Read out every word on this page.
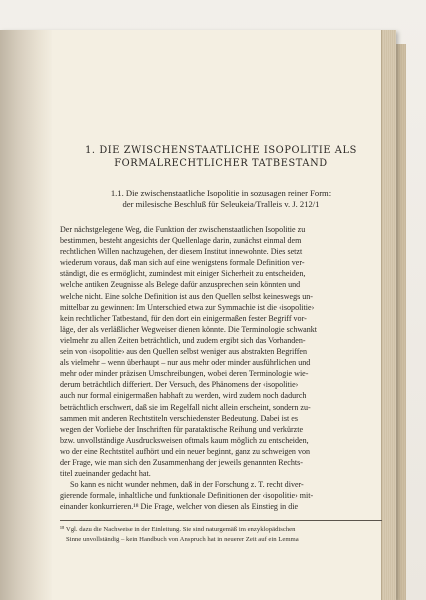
1. DIE ZWISCHENSTAATLICHE ISOPOLITIE ALS
FORMALRECHTLICHER TATBESTAND
1.1. Die zwischenstaatliche Isopolitie in sozusagen reiner Form:
der milesische Beschluß für Seleukeia/Tralleis v. J. 212/1

Der nächstgelegene Weg, die Funktion der zwischenstaatlichen Isopolitie zu
bestimmen, besteht angesichts der Quellenlage darin, zunächst einmal dem
rechtlichen Willen nachzugehen, der diesem Institut innewohnte. Dies setzt
wiederum voraus, daß man sich auf eine wenigstens formale Definition ver-
ständigt, die es ermöglicht, zumindest mit einiger Sicherheit zu entscheiden,
welche antiken Zeugnisse als Belege dafür anzusprechen sein könnten und
welche nicht. Eine solche Definition ist aus den Quellen selbst keineswegs un-
mittelbar zu gewinnen: Im Unterschied etwa zur Symmachie ist die ‹isopolitie›
kein rechtlicher Tatbestand, für den dort ein einigermaßen fester Begriff vor-
läge, der als verläßlicher Wegweiser dienen könnte. Die Terminologie schwankt
vielmehr zu allen Zeiten beträchtlich, und zudem ergibt sich das Vorhanden-
sein von ‹isopolitie› aus den Quellen selbst weniger aus abstrakten Begriffen
als vielmehr – wenn überhaupt – nur aus mehr oder minder ausführlichen und
mehr oder minder präzisen Umschreibungen, wobei deren Terminologie wie-
derum beträchtlich differiert. Der Versuch, des Phänomens der ‹isopolitie›
auch nur formal einigermaßen habhaft zu werden, wird zudem noch dadurch
beträchtlich erschwert, daß sie im Regelfall nicht allein erscheint, sondern zu-
sammen mit anderen Rechtstiteln verschiedenster Bedeutung. Dabei ist es
wegen der Vorliebe der Inschriften für parataktische Reihung und verkürzte
bzw. unvollständige Ausdrucksweisen oftmals kaum möglich zu entscheiden,
wo der eine Rechtstitel aufhört und ein neuer beginnt, ganz zu schweigen von
der Frage, wie man sich den Zusammenhang der jeweils genannten Rechts-
titel zueinander gedacht hat.

So kann es nicht wunder nehmen, daß in der Forschung z. T. recht diver-
gierende formale, inhaltliche und funktionale Definitionen der ‹isopolitie› mit-
einander konkurrieren.¹⁸ Die Frage, welcher von diesen als Einstieg in die

¹⁸ Vgl. dazu die Nachweise in der Einleitung. Sie sind naturgemäß im enzyklopädischen
Sinne unvollständig – kein Handbuch von Anspruch hat in neuerer Zeit auf ein Lemma
